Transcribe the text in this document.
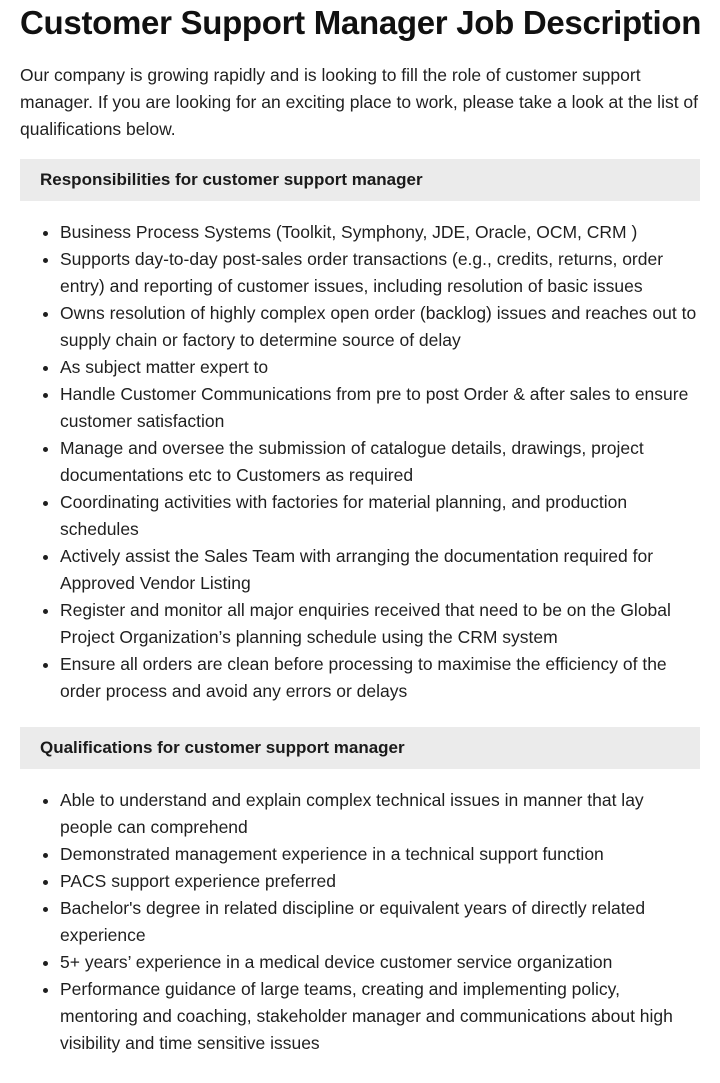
Customer Support Manager Job Description

Our company is growing rapidly and is looking to fill the role of customer support manager. If you are looking for an exciting place to work, please take a look at the list of qualifications below.

Responsibilities for customer support manager
Business Process Systems (Toolkit, Symphony, JDE, Oracle, OCM, CRM )
Supports day-to-day post-sales order transactions (e.g., credits, returns, order entry) and reporting of customer issues, including resolution of basic issues
Owns resolution of highly complex open order (backlog) issues and reaches out to supply chain or factory to determine source of delay
As subject matter expert to
Handle Customer Communications from pre to post Order & after sales to ensure customer satisfaction
Manage and oversee the submission of catalogue details, drawings, project documentations etc to Customers as required
Coordinating activities with factories for material planning, and production schedules
Actively assist the Sales Team with arranging the documentation required for Approved Vendor Listing
Register and monitor all major enquiries received that need to be on the Global Project Organization’s planning schedule using the CRM system
Ensure all orders are clean before processing to maximise the efficiency of the order process and avoid any errors or delays
Qualifications for customer support manager
Able to understand and explain complex technical issues in manner that lay people can comprehend
Demonstrated management experience in a technical support function
PACS support experience preferred
Bachelor's degree in related discipline or equivalent years of directly related experience
5+ years’ experience in a medical device customer service organization
Performance guidance of large teams, creating and implementing policy, mentoring and coaching, stakeholder manager and communications about high visibility and time sensitive issues
